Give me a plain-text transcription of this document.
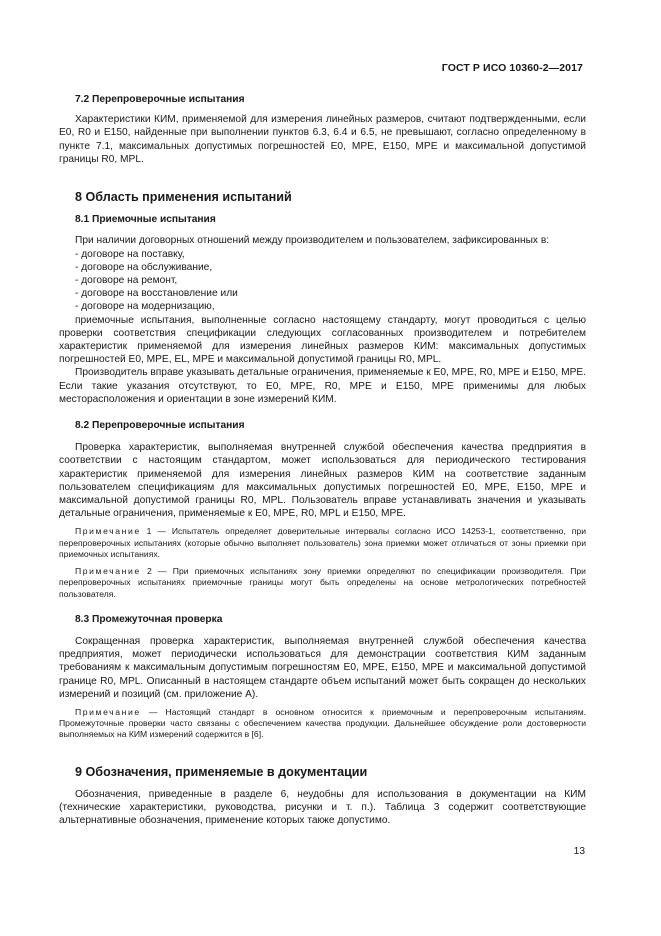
ГОСТ Р ИСО 10360-2—2017
7.2 Перепроверочные испытания

Характеристики КИМ, применяемой для измерения линейных размеров, считают подтвержденными, если E0, R0 и E150, найденные при выполнении пунктов 6.3, 6.4 и 6.5, не превышают, согласно определенному в пункте 7.1, максимальных допустимых погрешностей E0, MPE, E150, MPE и максимальной допустимой границы R0, MPL.

8 Область применения испытаний
8.1 Приемочные испытания

При наличии договорных отношений между производителем и пользователем, зафиксированных в:

- договоре на поставку,
- договоре на обслуживание,
- договоре на ремонт,
- договоре на восстановление или
- договоре на модернизацию,

приемочные испытания, выполненные согласно настоящему стандарту, могут проводиться с целью проверки соответствия спецификации следующих согласованных производителем и потребителем характеристик применяемой для измерения линейных размеров КИМ: максимальных допустимых погрешностей E0, MPE, EL, MPE и максимальной допустимой границы R0, MPL.

Производитель вправе указывать детальные ограничения, применяемые к E0, MPE, R0, MPE и E150, MPE. Если такие указания отсутствуют, то E0, MPE, R0, MPE и E150, MPE применимы для любых месторасположения и ориентации в зоне измерений КИМ.

8.2 Перепроверочные испытания

Проверка характеристик, выполняемая внутренней службой обеспечения качества предприятия в соответствии с настоящим стандартом, может использоваться для периодического тестирования характеристик применяемой для измерения линейных размеров КИМ на соответствие заданным пользователем спецификациям для максимальных допустимых погрешностей E0, MPE, E150, MPE и максимальной допустимой границы R0, MPL. Пользователь вправе устанавливать значения и указывать детальные ограничения, применяемые к E0, MPE, R0, MPL и E150, MPE.

Примечание 1 — Испытатель определяет доверительные интервалы согласно ИСО 14253-1, соответственно, при перепроверочных испытаниях (которые обычно выполняет пользователь) зона приемки может отличаться от зоны приемки при приемочных испытаниях.

Примечание 2 — При приемочных испытаниях зону приемки определяют по спецификации производителя. При перепроверочных испытаниях приемочные границы могут быть определены на основе метрологических потребностей пользователя.

8.3 Промежуточная проверка

Сокращенная проверка характеристик, выполняемая внутренней службой обеспечения качества предприятия, может периодически использоваться для демонстрации соответствия КИМ заданным требованиям к максимальным допустимым погрешностям E0, MPE, E150, MPE и максимальной допустимой границе R0, MPL. Описанный в настоящем стандарте объем испытаний может быть сокращен до нескольких измерений и позиций (см. приложение А).

Примечание — Настоящий стандарт в основном относится к приемочным и перепроверочным испытаниям. Промежуточные проверки часто связаны с обеспечением качества продукции. Дальнейшее обсуждение роли достоверности выполняемых на КИМ измерений содержится в [6].

9 Обозначения, применяемые в документации

Обозначения, приведенные в разделе 6, неудобны для использования в документации на КИМ (технические характеристики, руководства, рисунки и т. п.). Таблица 3 содержит соответствующие альтернативные обозначения, применение которых также допустимо.

13
